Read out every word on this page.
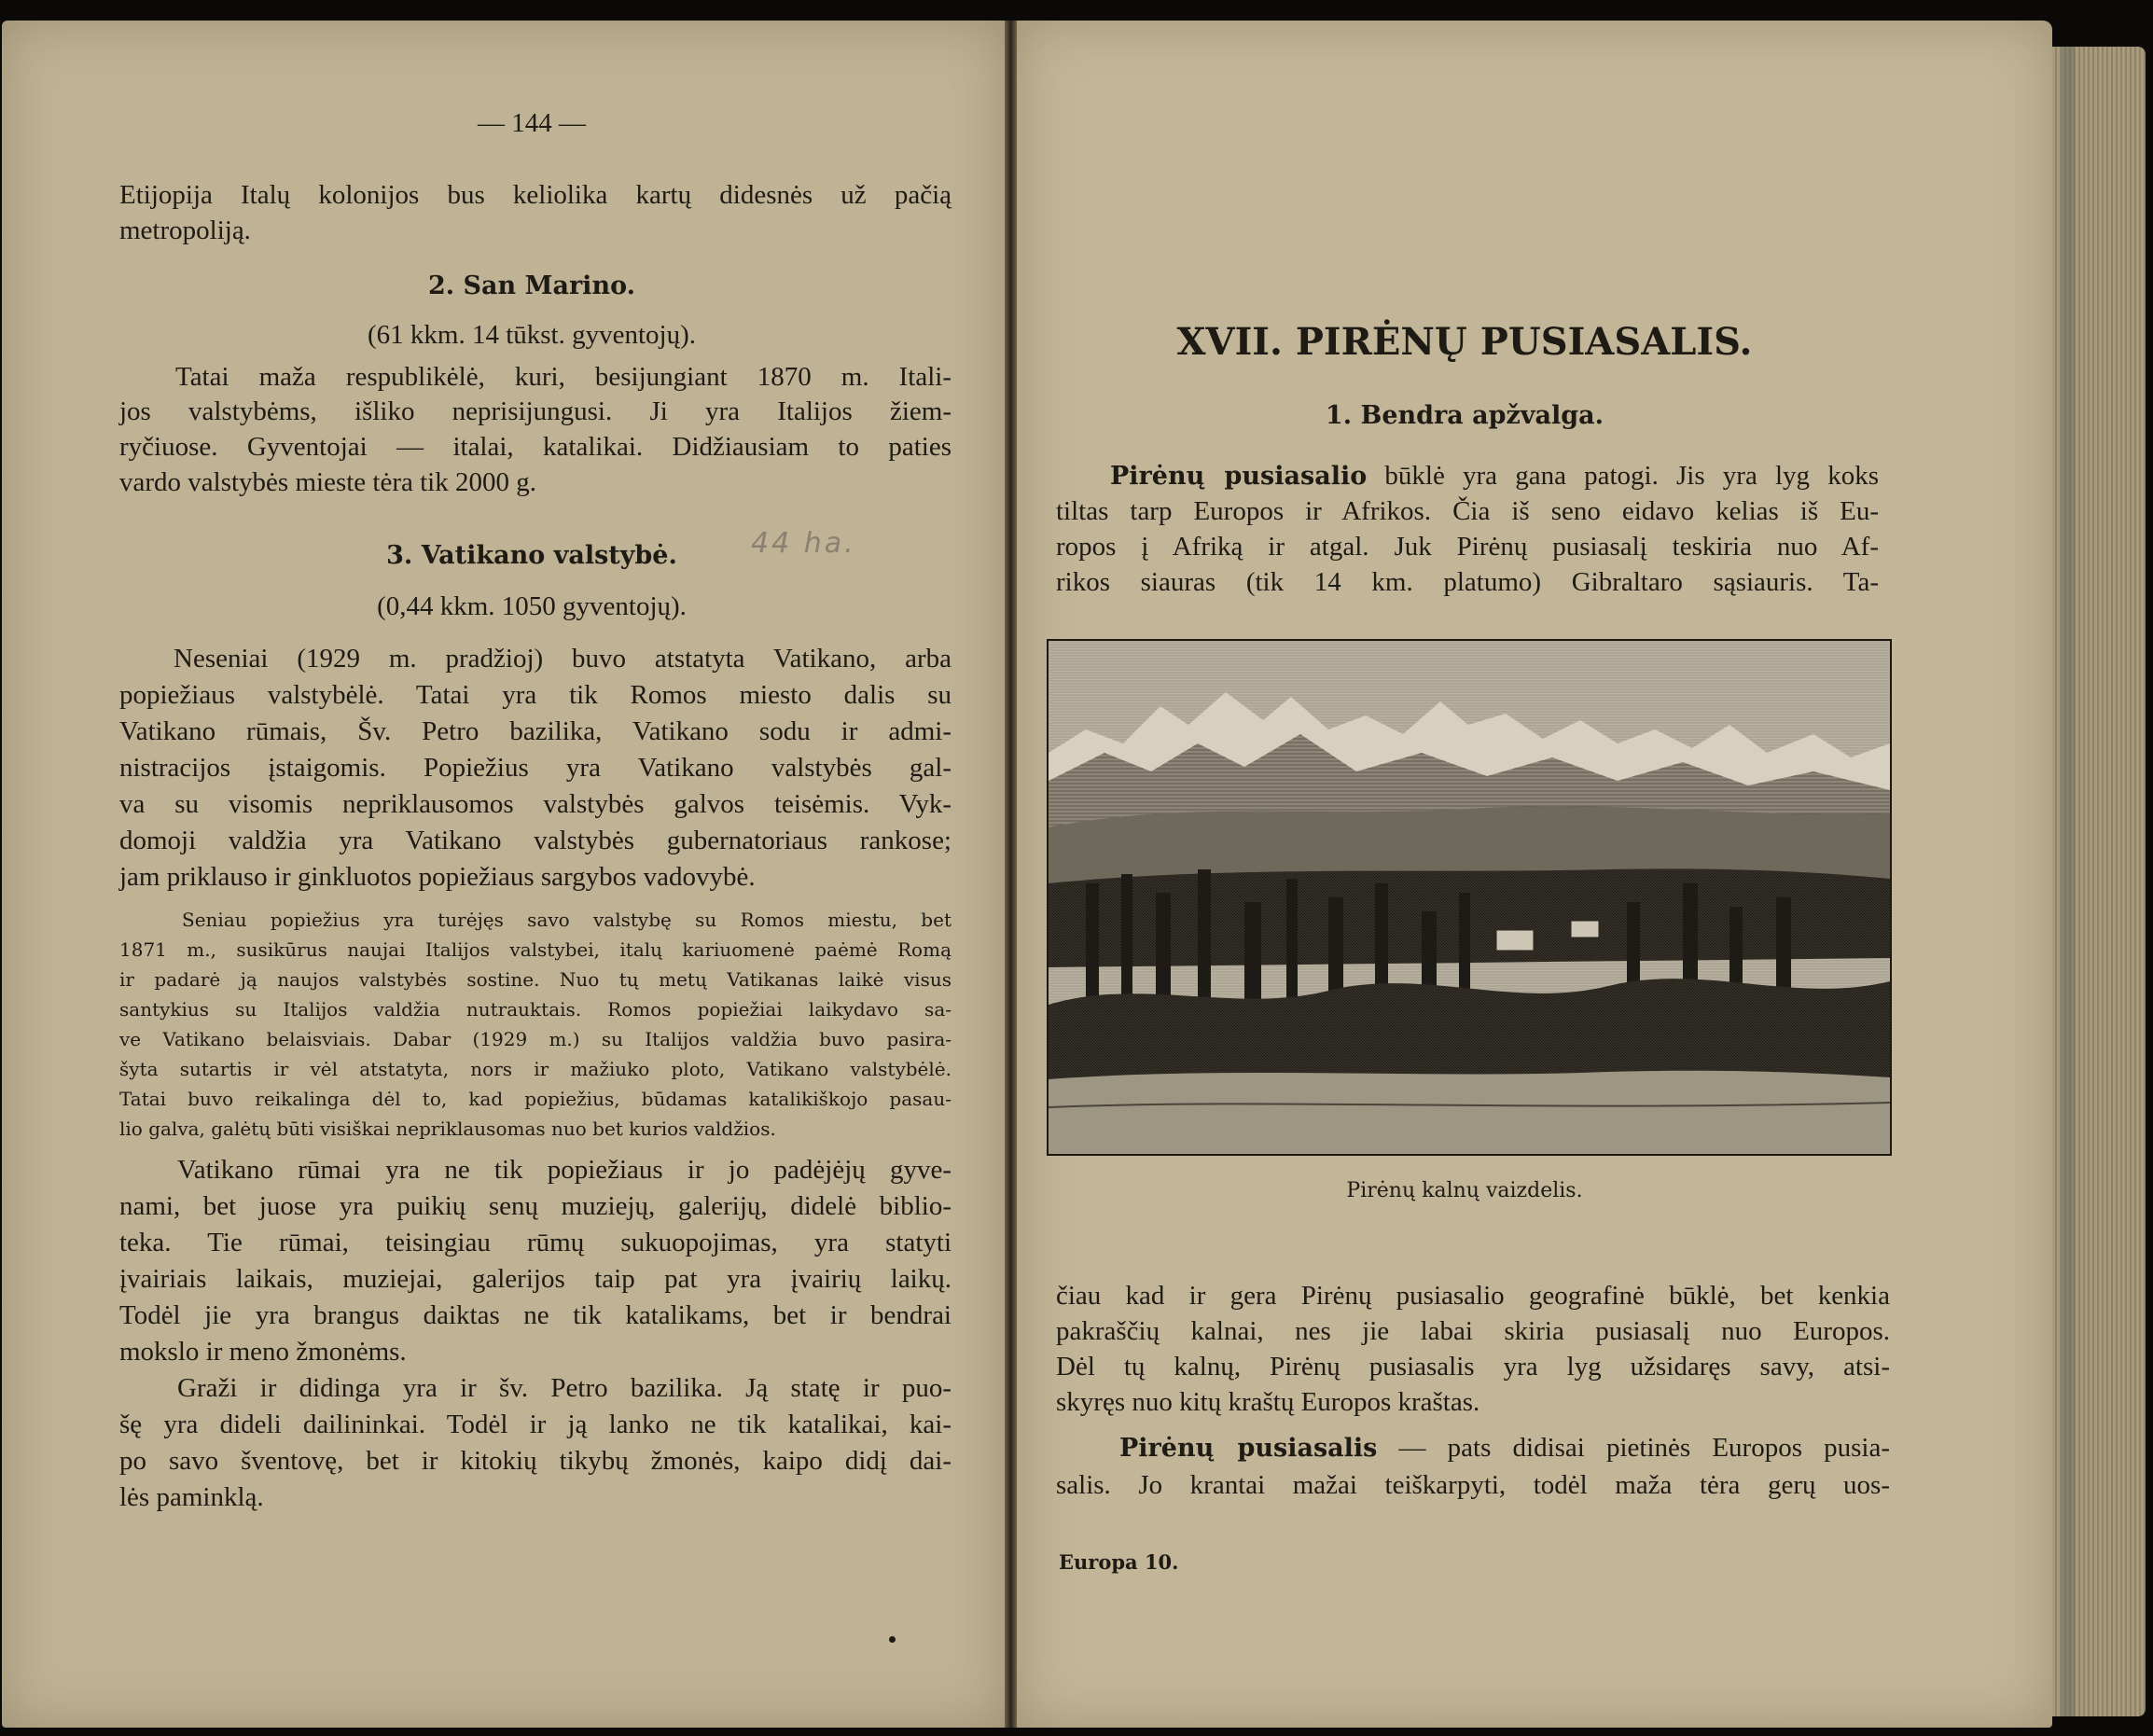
— 144 —

Etijopija Italų kolonijos bus keliolika kartų didesnės už pačią

metropoliją.

2. San Marino.

(61 kkm. 14 tūkst. gyventojų).

Tatai maža respublikėlė, kuri, besijungiant 1870 m. Itali-

jos valstybėms, išliko neprisijungusi. Ji yra Italijos žiem-

ryčiuose. Gyventojai — italai, katalikai. Didžiausiam to paties

vardo valstybės mieste tėra tik 2000 g.

3. Vatikano valstybė.	44 ha.

(0,44 kkm. 1050 gyventojų).

Neseniai (1929 m. pradžioj) buvo atstatyta Vatikano, arba

popiežiaus valstybėlė. Tatai yra tik Romos miesto dalis su

Vatikano rūmais, Šv. Petro bazilika, Vatikano sodu ir admi-

nistracijos įstaigomis. Popiežius yra Vatikano valstybės gal-

va su visomis nepriklausomos valstybės galvos teisėmis. Vyk-

domoji valdžia yra Vatikano valstybės gubernatoriaus rankose;

jam priklauso ir ginkluotos popiežiaus sargybos vadovybė.

Seniau popiežius yra turėjęs savo valstybę su Romos miestu, bet

1871 m., susikūrus naujai Italijos valstybei, italų kariuomenė paėmė Romą

ir padarė ją naujos valstybės sostine. Nuo tų metų Vatikanas laikė visus

santykius su Italijos valdžia nutrauktais. Romos popiežiai laikydavo sa-

ve Vatikano belaisviais. Dabar (1929 m.) su Italijos valdžia buvo pasira-

šyta sutartis ir vėl atstatyta, nors ir mažiuko ploto, Vatikano valstybėlė.

Tatai buvo reikalinga dėl to, kad popiežius, būdamas katalikiškojo pasau-

lio galva, galėtų būti visiškai nepriklausomas nuo bet kurios valdžios.

Vatikano rūmai yra ne tik popiežiaus ir jo padėjėjų gyve-

nami, bet juose yra puikių senų muziejų, galerijų, didelė biblio-

teka. Tie rūmai, teisingiau rūmų sukuopojimas, yra statyti

įvairiais laikais, muziejai, galerijos taip pat yra įvairių laikų.

Todėl jie yra brangus daiktas ne tik katalikams, bet ir bendrai

mokslo ir meno žmonėms.

Graži ir didinga yra ir šv. Petro bazilika. Ją statę ir puo-

šę yra dideli dailininkai. Todėl ir ją lanko ne tik katalikai, kai-

po savo šventovę, bet ir kitokių tikybų žmonės, kaipo didį dai-

lės paminklą.

XVII. PIRĖNŲ PUSIASALIS.

1. Bendra apžvalga.

Pirėnų pusiasalio būklė yra gana patogi. Jis yra lyg koks

tiltas tarp Europos ir Afrikos. Čia iš seno eidavo kelias iš Eu-

ropos į Afriką ir atgal. Juk Pirėnų pusiasalį teskiria nuo Af-

rikos siauras (tik 14 km. platumo) Gibraltaro sąsiauris. Ta-

Pirėnų kalnų vaizdelis.

čiau kad ir gera Pirėnų pusiasalio geografinė būklė, bet kenkia

pakraščių kalnai, nes jie labai skiria pusiasalį nuo Europos.

Dėl tų kalnų, Pirėnų pusiasalis yra lyg užsidaręs savy, atsi-

skyręs nuo kitų kraštų Europos kraštas.

Pirėnų pusiasalis — pats didisai pietinės Europos pusia-

salis. Jo krantai mažai teiškarpyti, todėl maža tėra gerų uos-

Europa 10.
